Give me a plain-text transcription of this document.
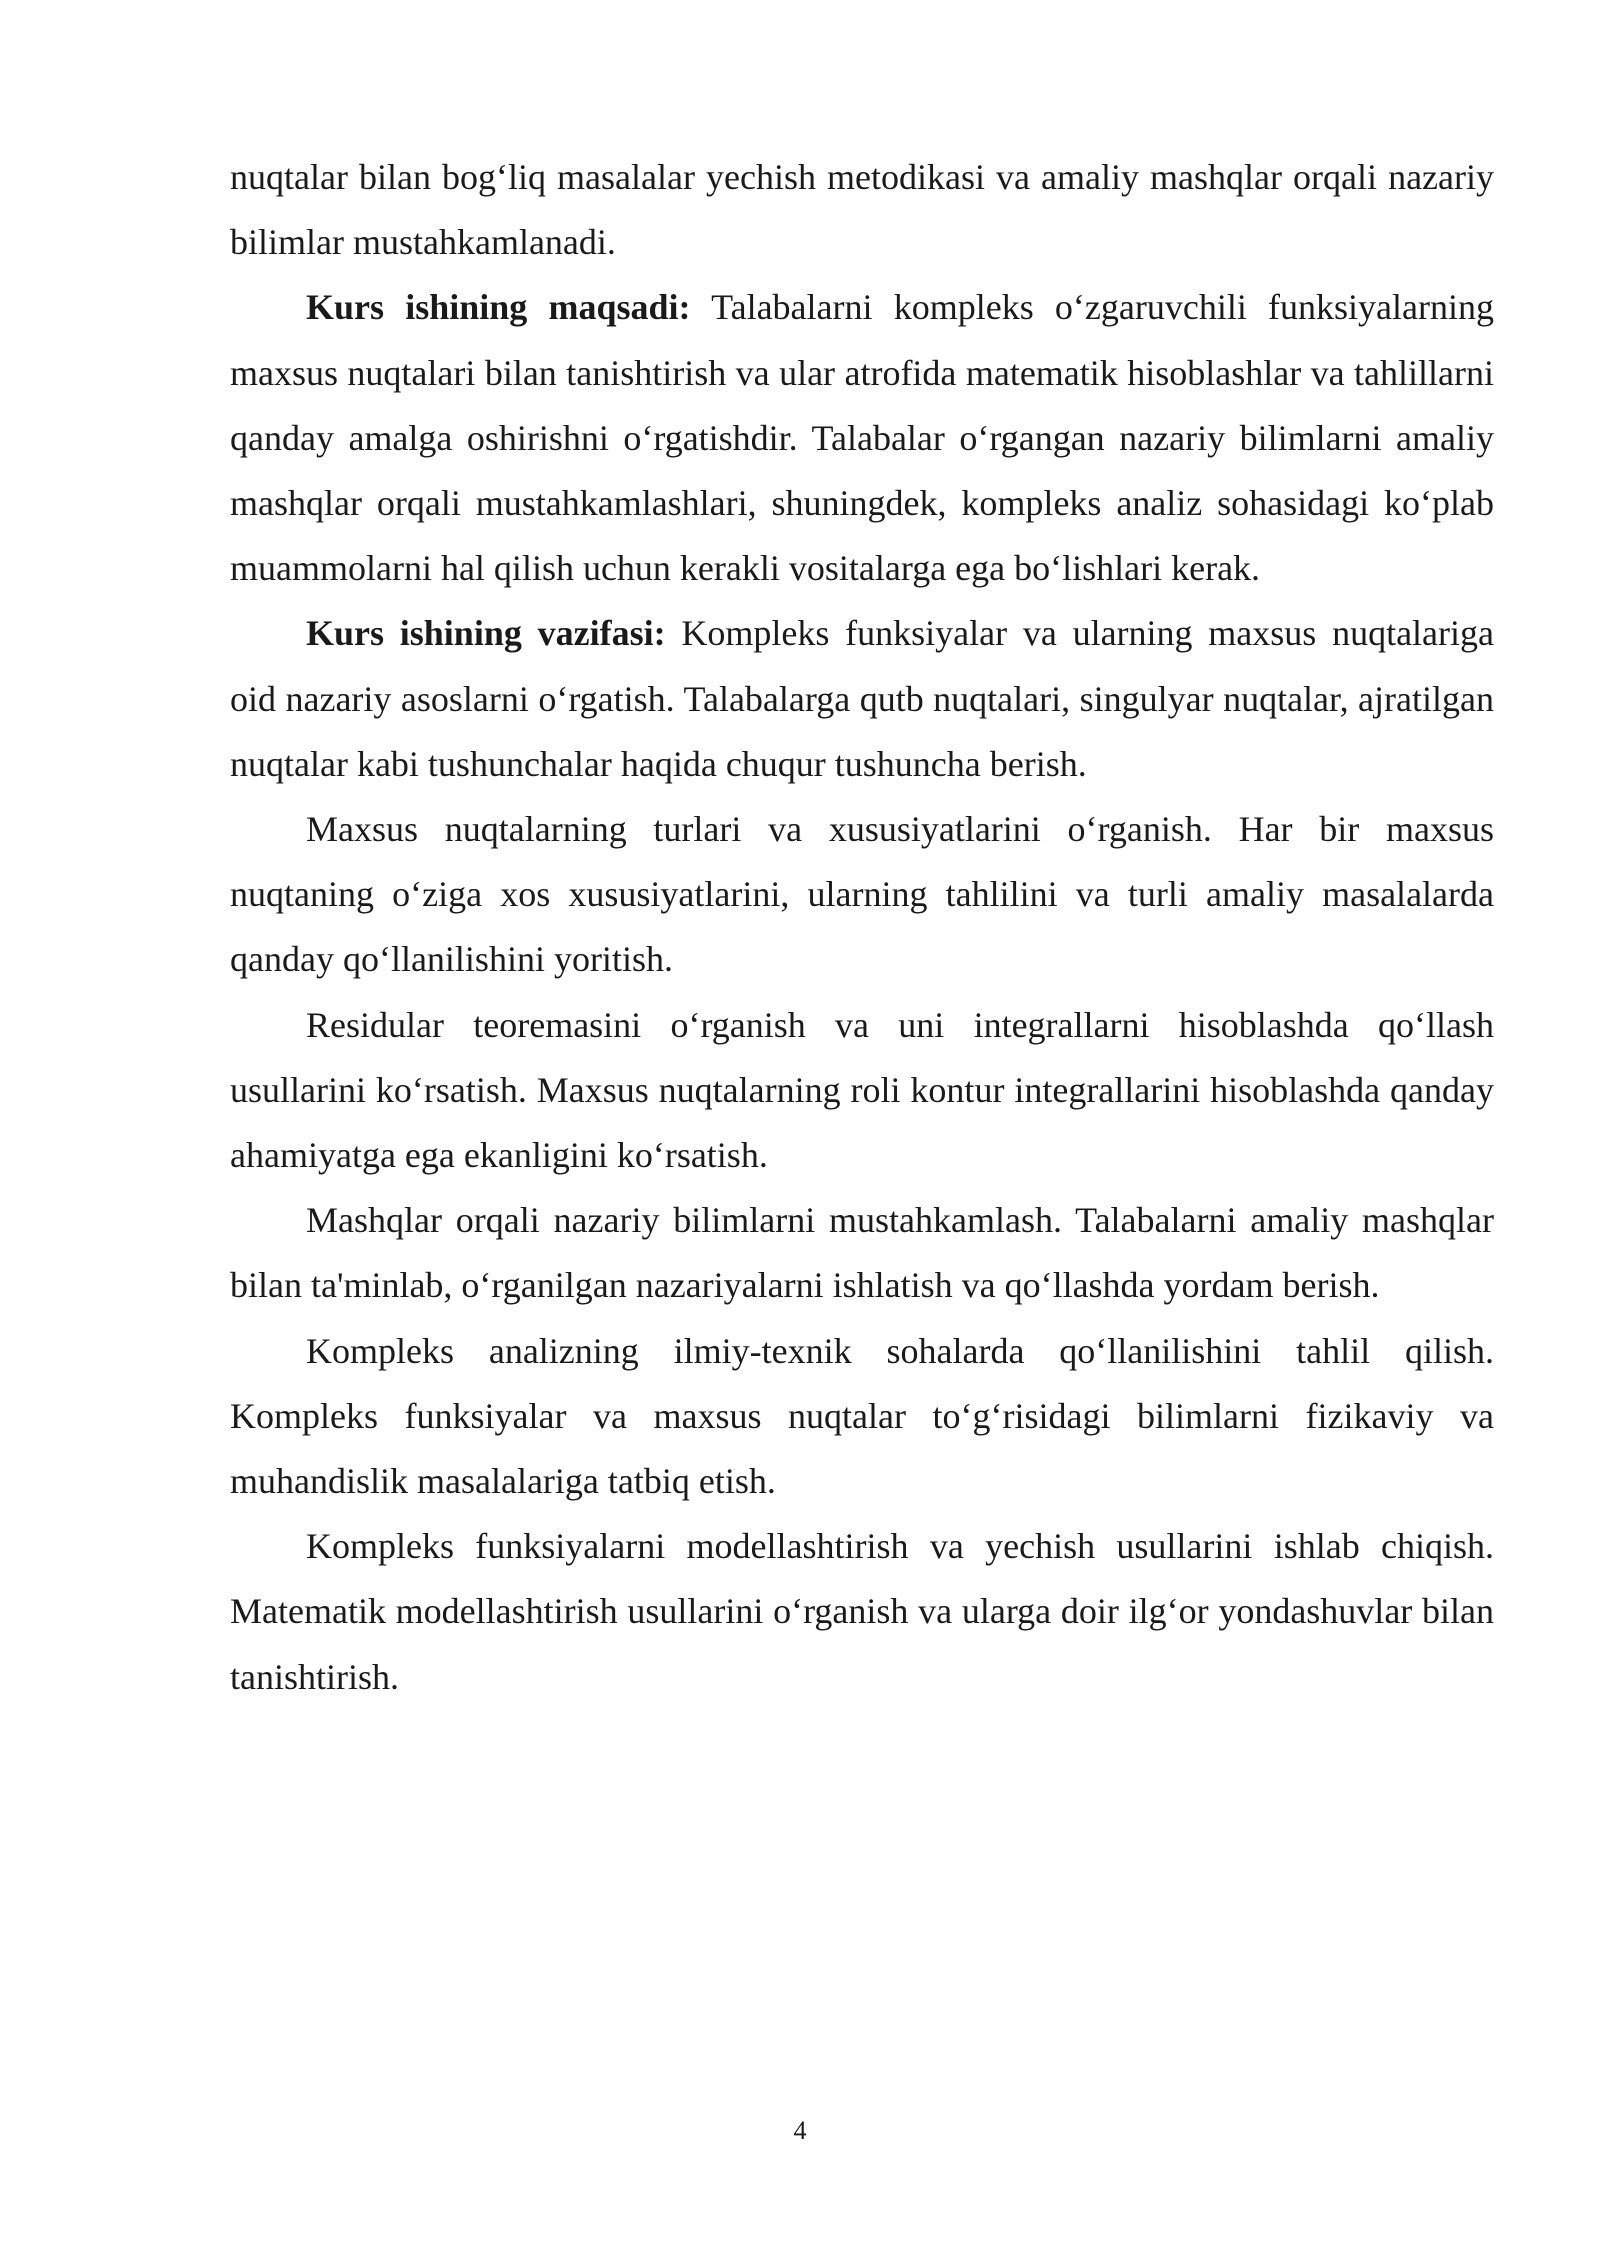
nuqtalar bilan bog‘liq masalalar yechish metodikasi va amaliy mashqlar orqali nazariy bilimlar mustahkamlanadi.

Kurs ishining maqsadi: Talabalarni kompleks o‘zgaruvchili funksiyalarning maxsus nuqtalari bilan tanishtirish va ular atrofida matematik hisoblashlar va tahlillarni qanday amalga oshirishni o‘rgatishdir. Talabalar o‘rgangan nazariy bilimlarni amaliy mashqlar orqali mustahkamlashlari, shuningdek, kompleks analiz sohasidagi ko‘plab muammolarni hal qilish uchun kerakli vositalarga ega bo‘lishlari kerak.

Kurs ishining vazifasi: Kompleks funksiyalar va ularning maxsus nuqtalariga oid nazariy asoslarni o‘rgatish. Talabalarga qutb nuqtalari, singulyar nuqtalar, ajratilgan nuqtalar kabi tushunchalar haqida chuqur tushuncha berish.

Maxsus nuqtalarning turlari va xususiyatlarini o‘rganish. Har bir maxsus nuqtaning o‘ziga xos xususiyatlarini, ularning tahlilini va turli amaliy masalalarda qanday qo‘llanilishini yoritish.

Residular teoremasini o‘rganish va uni integrallarni hisoblashda qo‘llash usullarini ko‘rsatish. Maxsus nuqtalarning roli kontur integrallarini hisoblashda qanday ahamiyatga ega ekanligini ko‘rsatish.

Mashqlar orqali nazariy bilimlarni mustahkamlash. Talabalarni amaliy mashqlar bilan ta'minlab, o‘rganilgan nazariyalarni ishlatish va qo‘llashda yordam berish.

Kompleks analizning ilmiy-texnik sohalarda qo‘llanilishini tahlil qilish. Kompleks funksiyalar va maxsus nuqtalar to‘g‘risidagi bilimlarni fizikaviy va muhandislik masalalariga tatbiq etish.

Kompleks funksiyalarni modellashtirish va yechish usullarini ishlab chiqish. Matematik modellashtirish usullarini o‘rganish va ularga doir ilg‘or yondashuvlar bilan tanishtirish.

4
